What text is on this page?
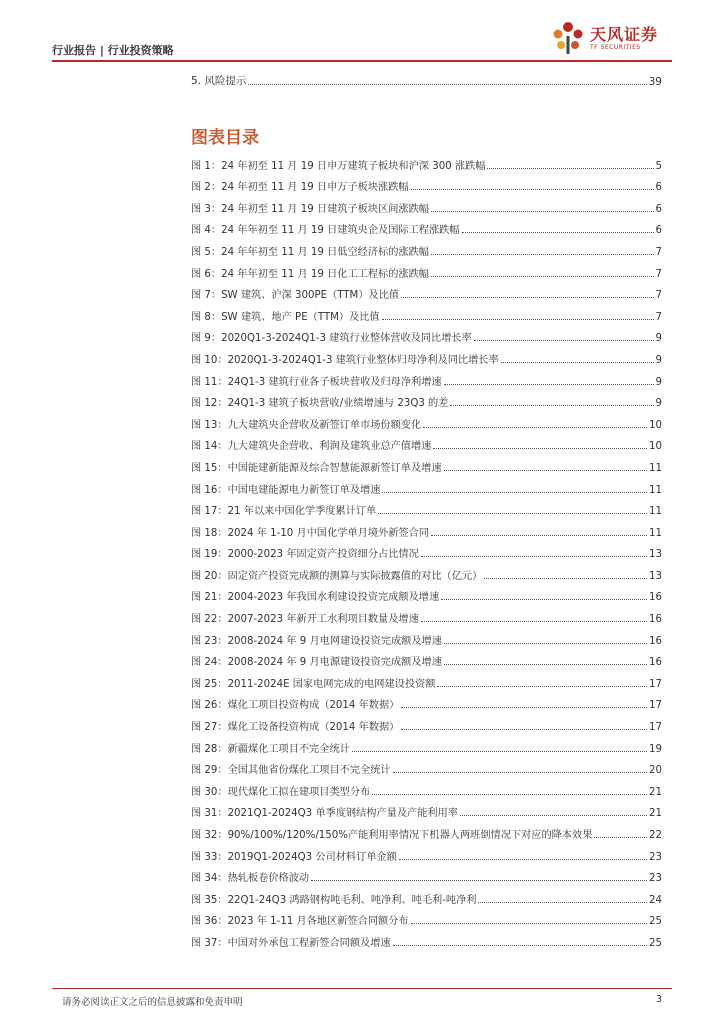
行业报告 | 行业投资策略
天风证券
TF SECURITIES
5. 风险提示	39
图表目录
图 1：24 年初至 11 月 19 日申万建筑子板块和沪深 300 涨跌幅	5
图 2：24 年初至 11 月 19 日申万子板块涨跌幅	6
图 3：24 年初至 11 月 19 日建筑子板块区间涨跌幅	6
图 4：24 年年初至 11 月 19 日建筑央企及国际工程涨跌幅	6
图 5：24 年年初至 11 月 19 日低空经济标的涨跌幅	7
图 6：24 年年初至 11 月 19 日化工工程标的涨跌幅	7
图 7：SW 建筑、沪深 300PE（TTM）及比值	7
图 8：SW 建筑、地产 PE（TTM）及比值	7
图 9：2020Q1-3-2024Q1-3 建筑行业整体营收及同比增长率	9
图 10：2020Q1-3-2024Q1-3 建筑行业整体归母净利及同比增长率	9
图 11：24Q1-3 建筑行业各子板块营收及归母净利增速	9
图 12：24Q1-3 建筑子板块营收/业绩增速与 23Q3 的差	9
图 13：九大建筑央企营收及新签订单市场份额变化	10
图 14：九大建筑央企营收、利润及建筑业总产值增速	10
图 15：中国能建新能源及综合智慧能源新签订单及增速	11
图 16：中国电建能源电力新签订单及增速	11
图 17：21 年以来中国化学季度累计订单	11
图 18：2024 年 1-10 月中国化学单月境外新签合同	11
图 19：2000-2023 年固定资产投资细分占比情况	13
图 20：固定资产投资完成额的测算与实际披露值的对比（亿元）	13
图 21：2004-2023 年我国水利建设投资完成额及增速	16
图 22：2007-2023 年新开工水利项目数量及增速	16
图 23：2008-2024 年 9 月电网建设投资完成额及增速	16
图 24：2008-2024 年 9 月电源建设投资完成额及增速	16
图 25：2011-2024E 国家电网完成的电网建设投资额	17
图 26：煤化工项目投资构成（2014 年数据）	17
图 27：煤化工设备投资构成（2014 年数据）	17
图 28：新疆煤化工项目不完全统计	19
图 29：全国其他省份煤化工项目不完全统计	20
图 30：现代煤化工拟在建项目类型分布	21
图 31：2021Q1-2024Q3 单季度钢结构产量及产能利用率	21
图 32：90%/100%/120%/150%产能利用率情况下机器人两班倒情况下对应的降本效果	22
图 33：2019Q1-2024Q3 公司材料订单金额	23
图 34：热轧板卷价格波动	23
图 35：22Q1-24Q3 鸿路钢构吨毛利、吨净利、吨毛利-吨净利	24
图 36：2023 年 1-11 月各地区新签合同额分布	25
图 37：中国对外承包工程新签合同额及增速	25
请务必阅读正文之后的信息披露和免责申明	3
